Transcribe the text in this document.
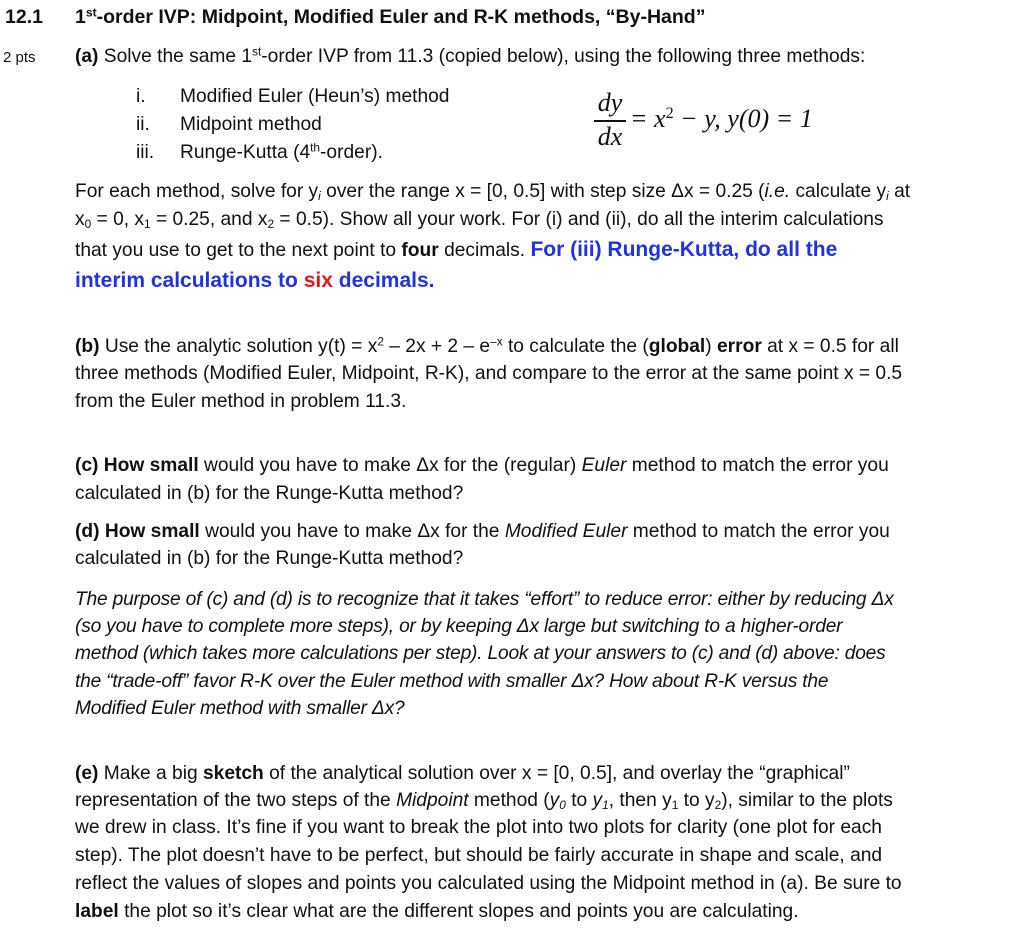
12.1 1st-order IVP: Midpoint, Modified Euler and R-K methods, “By-Hand”
2 pts (a) Solve the same 1st-order IVP from 11.3 (copied below), using the following three methods:
i. Modified Euler (Heun’s) method
ii. Midpoint method
iii. Runge-Kutta (4th-order).
dy
dx
= $x^2 - y$, y(0) = 1
For each method, solve for $y_i$ over the range x = [0, 0.5] with step size Δx = 0.25 (i.e. calculate $y_i$ at
$x_0 = 0$, $x_1 = 0.25$, and $x_2 = 0.5$). Show all your work. For (i) and (ii), do all the interim calculations
that you use to get to the next point to four decimals. For (iii) Runge-Kutta, do all the
interim calculations to six decimals.
(b) Use the analytic solution $y(t) = x^2 - 2x + 2 - e^{-x}$ to calculate the (global) error at x = 0.5 for all
three methods (Modified Euler, Midpoint, R-K), and compare to the error at the same point x = 0.5
from the Euler method in problem 11.3.
(c) How small would you have to make Δx for the (regular) Euler method to match the error you
calculated in (b) for the Runge-Kutta method?
(d) How small would you have to make Δx for the Modified Euler method to match the error you
calculated in (b) for the Runge-Kutta method?
The purpose of (c) and (d) is to recognize that it takes “effort” to reduce error: either by reducing Δx
(so you have to complete more steps), or by keeping Δx large but switching to a higher-order
method (which takes more calculations per step). Look at your answers to (c) and (d) above: does
the “trade-off” favor R-K over the Euler method with smaller Δx? How about R-K versus the
Modified Euler method with smaller Δx?
(e) Make a big sketch of the analytical solution over x = [0, 0.5], and overlay the “graphical”
representation of the two steps of the Midpoint method ($y_0$ to $y_1$, then $y_1$ to $y_2$), similar to the plots
we drew in class. It’s fine if you want to break the plot into two plots for clarity (one plot for each
step). The plot doesn’t have to be perfect, but should be fairly accurate in shape and scale, and
reflect the values of slopes and points you calculated using the Midpoint method in (a). Be sure to
label the plot so it’s clear what are the different slopes and points you are calculating.
